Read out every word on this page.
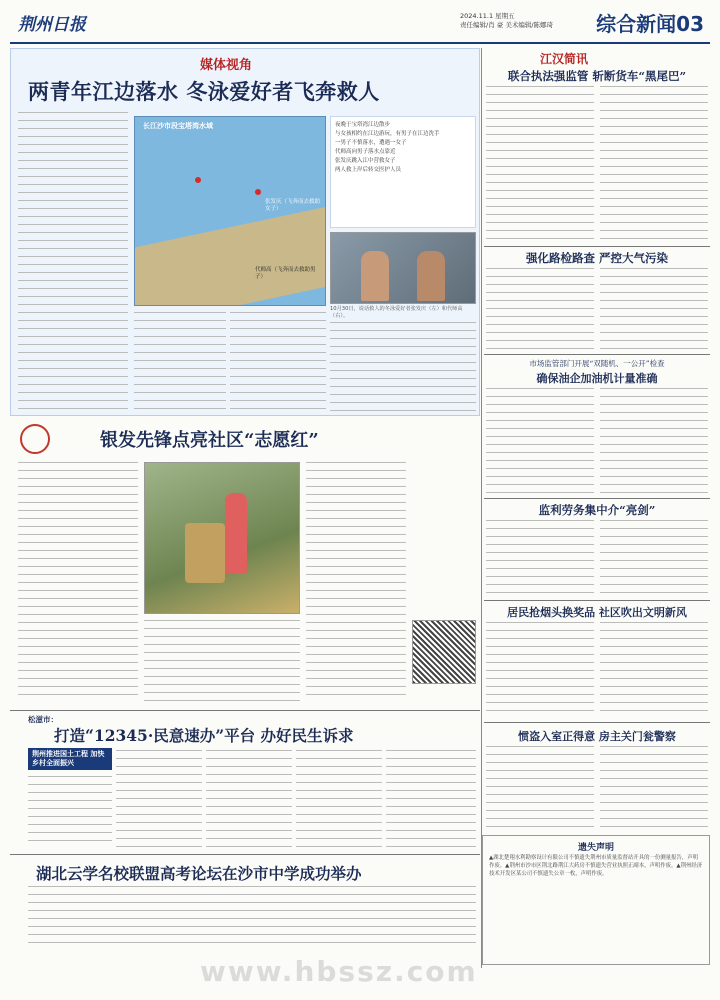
荆州日报	2024.11.1 星期五
责任编辑/肖 豪 美术编辑/陈娜琦 综合新闻03
媒体视角
两青年江边落水 冬泳爱好者飞奔救人
长江沙市段宝塔湾水域
张发庆（飞奔而去救助女子）
代师高（飞奔而去救助男子）
夜晚于宝塔湾江边散步
与女孩相约在江边游玩，有男子在江边洗手
一男子不慎落水，遭遇一女子
代师高向男子落水点靠近
张发庆跳入江中营救女子
两人救上岸后转交医护人员
10月30日，说话救人的冬泳爱好者张发庆（左）和代师高（右）。
银发先锋点亮社区“志愿红”
松滋市：
打造“12345·民意速办”平台 办好民生诉求
荆州推进国土工程 加快乡村全面振兴
湖北云学名校联盟高考论坛在沙市中学成功举办
江汉简讯
联合执法强监管 斩断货车“黑尾巴”
强化路检路查 严控大气污染
市场监管部门开展“双随机、一公开”检查
确保油企加油机计量准确
监利劳务集中介“亮剑”
居民抢烟头换奖品 社区吹出文明新风
惯盗入室正得意 房主关门瓮警察
遗失声明
▲湖北楚翔水利勘察设计有限公司不慎遗失荆州市质量监督站开具的一份测量报告，声明作废。▲荆州市沙市区荆北路荆江大药房不慎遗失营业执照正副本，声明作废。▲荆州经济技术开发区某公司不慎遗失公章一枚，声明作废。
www.hbssz.com
